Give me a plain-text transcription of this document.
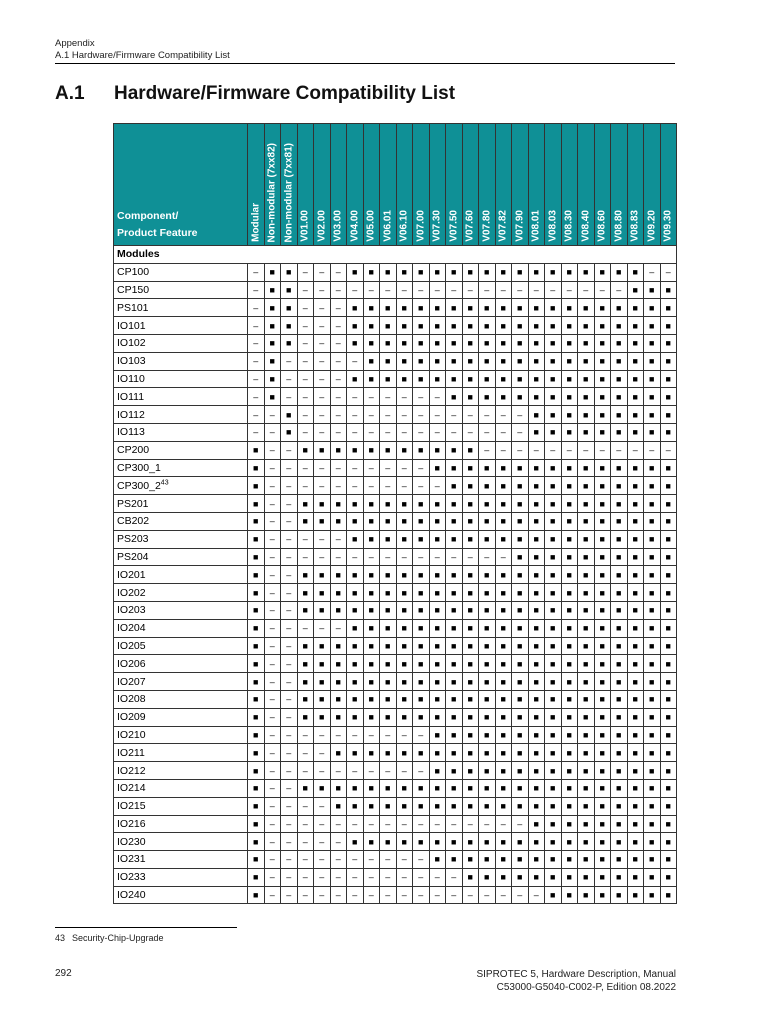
Appendix
A.1 Hardware/Firmware Compatibility List
A.1 Hardware/Firmware Compatibility List
Component/
Product Feature	Modular	Non-modular (7xx82)	Non-modular (7xx81)	V01.00	V02.00	V03.00	V04.00	V05.00	V06.01	V06.10	V07.00	V07.30	V07.50	V07.60	V07.80	V07.82	V07.90	V08.01	V08.03	V08.30	V08.40	V08.60	V08.80	V08.83	V09.20	V09.30

Modules																										
CP100	–	■	■	–	–	–	■	■	■	■	■	■	■	■	■	■	■	■	■	■	■	■	■	■	–	–
CP150	–	■	■	–	–	–	–	–	–	–	–	–	–	–	–	–	–	–	–	–	–	–	–	■	■	■
PS101	–	■	■	–	–	–	■	■	■	■	■	■	■	■	■	■	■	■	■	■	■	■	■	■	■	■
IO101	–	■	■	–	–	–	■	■	■	■	■	■	■	■	■	■	■	■	■	■	■	■	■	■	■	■
IO102	–	■	■	–	–	–	■	■	■	■	■	■	■	■	■	■	■	■	■	■	■	■	■	■	■	■
IO103	–	■	–	–	–	–	–	■	■	■	■	■	■	■	■	■	■	■	■	■	■	■	■	■	■	■
IO110	–	■	–	–	–	–	■	■	■	■	■	■	■	■	■	■	■	■	■	■	■	■	■	■	■	■
IO111	–	■	–	–	–	–	–	–	–	–	–	–	■	■	■	■	■	■	■	■	■	■	■	■	■	■
IO112	–	–	■	–	–	–	–	–	–	–	–	–	–	–	–	–	–	■	■	■	■	■	■	■	■	■
IO113	–	–	■	–	–	–	–	–	–	–	–	–	–	–	–	–	–	■	■	■	■	■	■	■	■	■
CP200	■	–	–	■	■	■	■	■	■	■	■	■	■	■	–	–	–	–	–	–	–	–	–	–	–	–
CP300_1	■	–	–	–	–	–	–	–	–	–	–	■	■	■	■	■	■	■	■	■	■	■	■	■	■	■
$CP300\_2^{43}$	■	–	–	–	–	–	–	–	–	–	–	–	■	■	■	■	■	■	■	■	■	■	■	■	■	■
PS201	■	–	–	■	■	■	■	■	■	■	■	■	■	■	■	■	■	■	■	■	■	■	■	■	■	■
CB202	■	–	–	■	■	■	■	■	■	■	■	■	■	■	■	■	■	■	■	■	■	■	■	■	■	■
PS203	■	–	–	–	–	–	■	■	■	■	■	■	■	■	■	■	■	■	■	■	■	■	■	■	■	■
PS204	■	–	–	–	–	–	–	–	–	–	–	–	–	–	–	–	■	■	■	■	■	■	■	■	■	■
IO201	■	–	–	■	■	■	■	■	■	■	■	■	■	■	■	■	■	■	■	■	■	■	■	■	■	■
IO202	■	–	–	■	■	■	■	■	■	■	■	■	■	■	■	■	■	■	■	■	■	■	■	■	■	■
IO203	■	–	–	■	■	■	■	■	■	■	■	■	■	■	■	■	■	■	■	■	■	■	■	■	■	■
IO204	■	–	–	–	–	–	■	■	■	■	■	■	■	■	■	■	■	■	■	■	■	■	■	■	■	■
IO205	■	–	–	■	■	■	■	■	■	■	■	■	■	■	■	■	■	■	■	■	■	■	■	■	■	■
IO206	■	–	–	■	■	■	■	■	■	■	■	■	■	■	■	■	■	■	■	■	■	■	■	■	■	■
IO207	■	–	–	■	■	■	■	■	■	■	■	■	■	■	■	■	■	■	■	■	■	■	■	■	■	■
IO208	■	–	–	■	■	■	■	■	■	■	■	■	■	■	■	■	■	■	■	■	■	■	■	■	■	■
IO209	■	–	–	■	■	■	■	■	■	■	■	■	■	■	■	■	■	■	■	■	■	■	■	■	■	■
IO210	■	–	–	–	–	–	–	–	–	–	–	■	■	■	■	■	■	■	■	■	■	■	■	■	■	■
IO211	■	–	–	–	–	■	■	■	■	■	■	■	■	■	■	■	■	■	■	■	■	■	■	■	■	■
IO212	■	–	–	–	–	–	–	–	–	–	–	■	■	■	■	■	■	■	■	■	■	■	■	■	■	■
IO214	■	–	–	■	■	■	■	■	■	■	■	■	■	■	■	■	■	■	■	■	■	■	■	■	■	■
IO215	■	–	–	–	–	■	■	■	■	■	■	■	■	■	■	■	■	■	■	■	■	■	■	■	■	■
IO216	■	–	–	–	–	–	–	–	–	–	–	–	–	–	–	–	–	■	■	■	■	■	■	■	■	■
IO230	■	–	–	–	–	–	■	■	■	■	■	■	■	■	■	■	■	■	■	■	■	■	■	■	■	■
IO231	■	–	–	–	–	–	–	–	–	–	–	■	■	■	■	■	■	■	■	■	■	■	■	■	■	■
IO233	■	–	–	–	–	–	–	–	–	–	–	–	–	■	■	■	■	■	■	■	■	■	■	■	■	■
IO240	■	–	–	–	–	–	–	–	–	–	–	–	–	–	–	–	–	–	■	■	■	■	■	■	■	■
43 Security-Chip-Upgrade
292	SIPROTEC 5, Hardware Description, Manual
C53000-G5040-C002-P, Edition 08.2022
